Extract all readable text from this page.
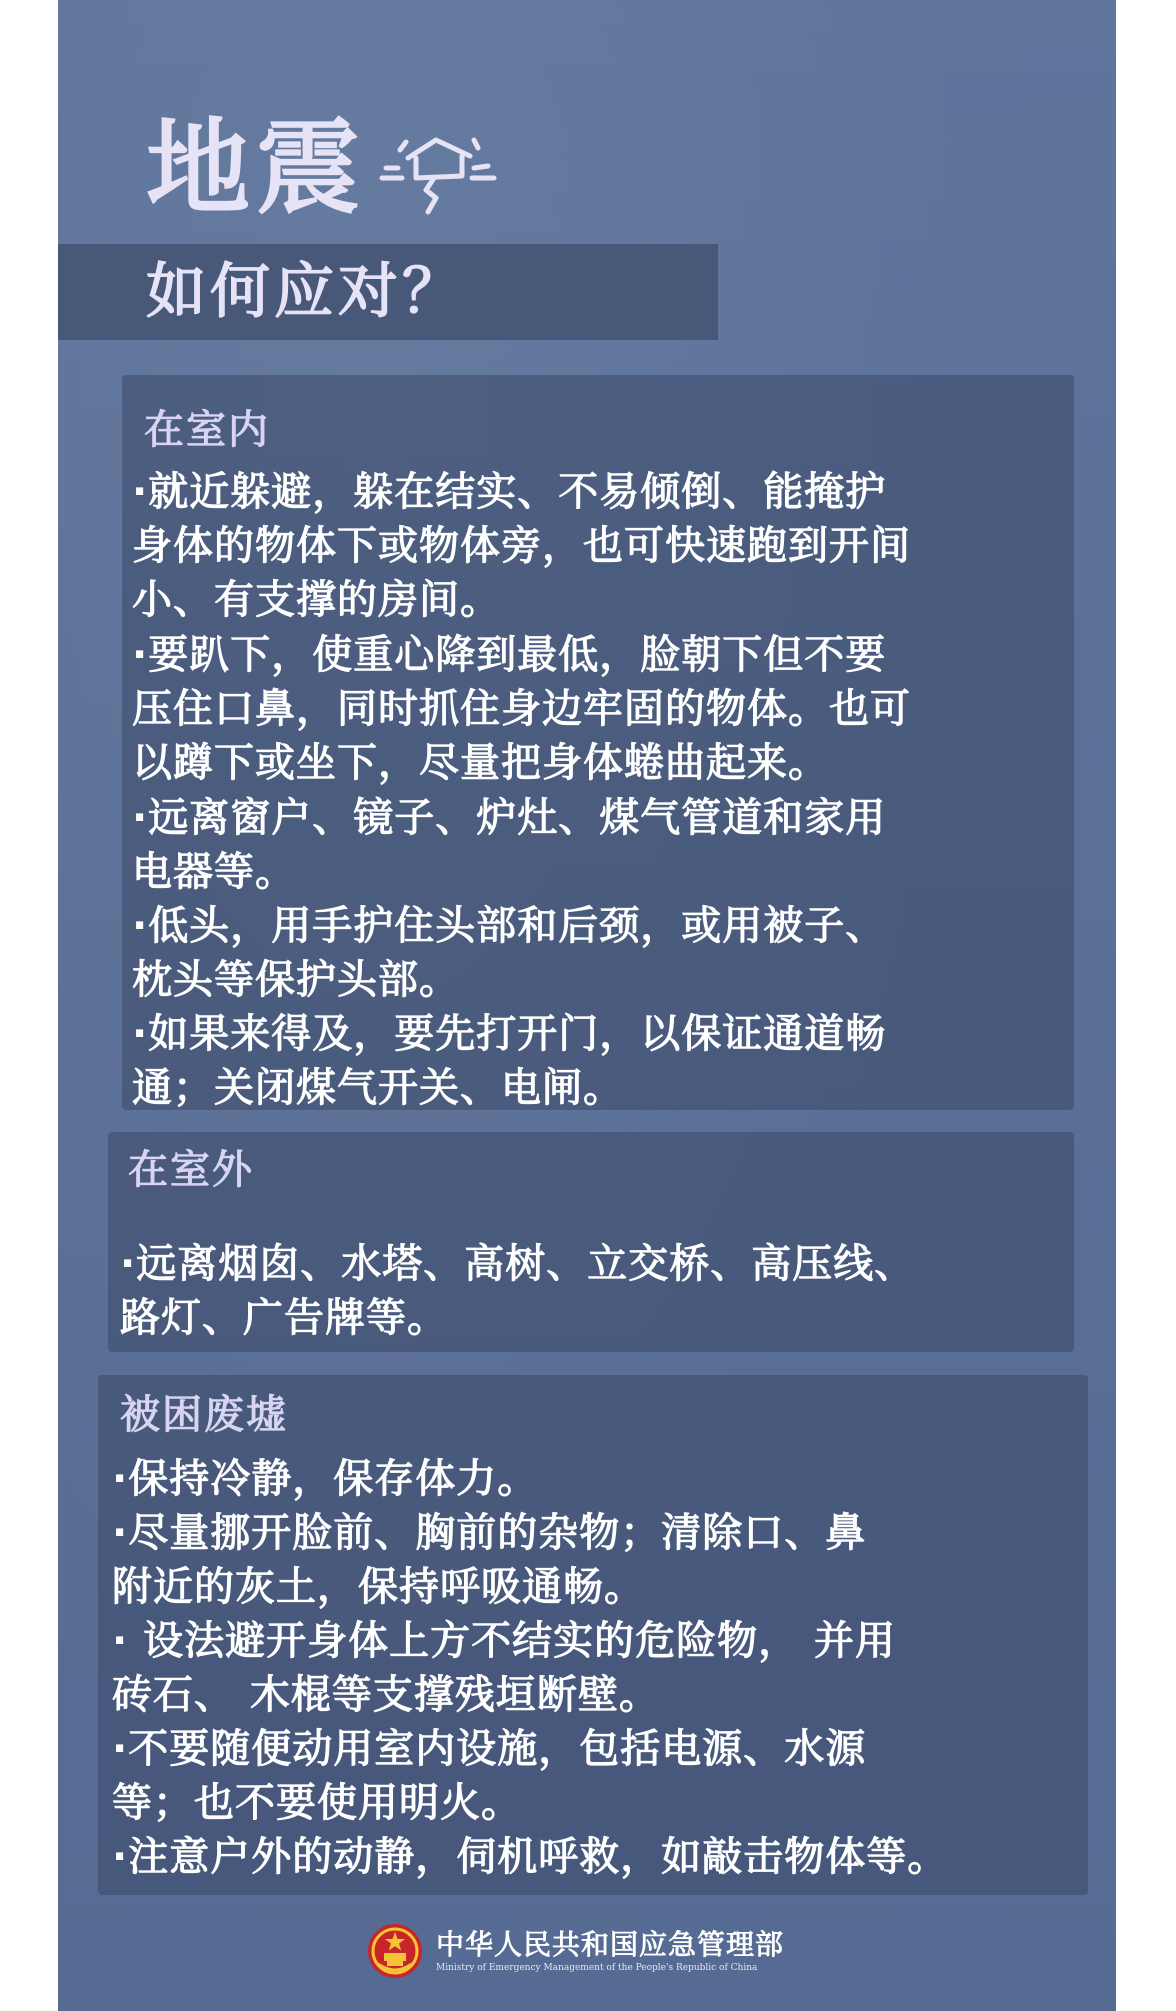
地震
如何应对？
在室内
·就近躲避，躲在结实、不易倾倒、能掩护
身体的物体下或物体旁，也可快速跑到开间
小、有支撑的房间。
·要趴下，使重心降到最低，脸朝下但不要
压住口鼻，同时抓住身边牢固的物体。也可
以蹲下或坐下，尽量把身体蜷曲起来。
·远离窗户、镜子、炉灶、煤气管道和家用
电器等。
·低头，用手护住头部和后颈，或用被子、
枕头等保护头部。
·如果来得及，要先打开门，以保证通道畅
通；关闭煤气开关、电闸。
在室外
·远离烟囱、水塔、高树、立交桥、高压线、
路灯、广告牌等。
被困废墟
·保持冷静，保存体力。
·尽量挪开脸前、胸前的杂物；清除口、鼻
附近的灰土，保持呼吸通畅。
· 设法避开身体上方不结实的危险物， 并用
砖石、 木棍等支撑残垣断壁。
·不要随便动用室内设施，包括电源、水源
等；也不要使用明火。
·注意户外的动静，伺机呼救，如敲击物体等。
中华人民共和国应急管理部
Ministry of Emergency Management of the People's Republic of China
